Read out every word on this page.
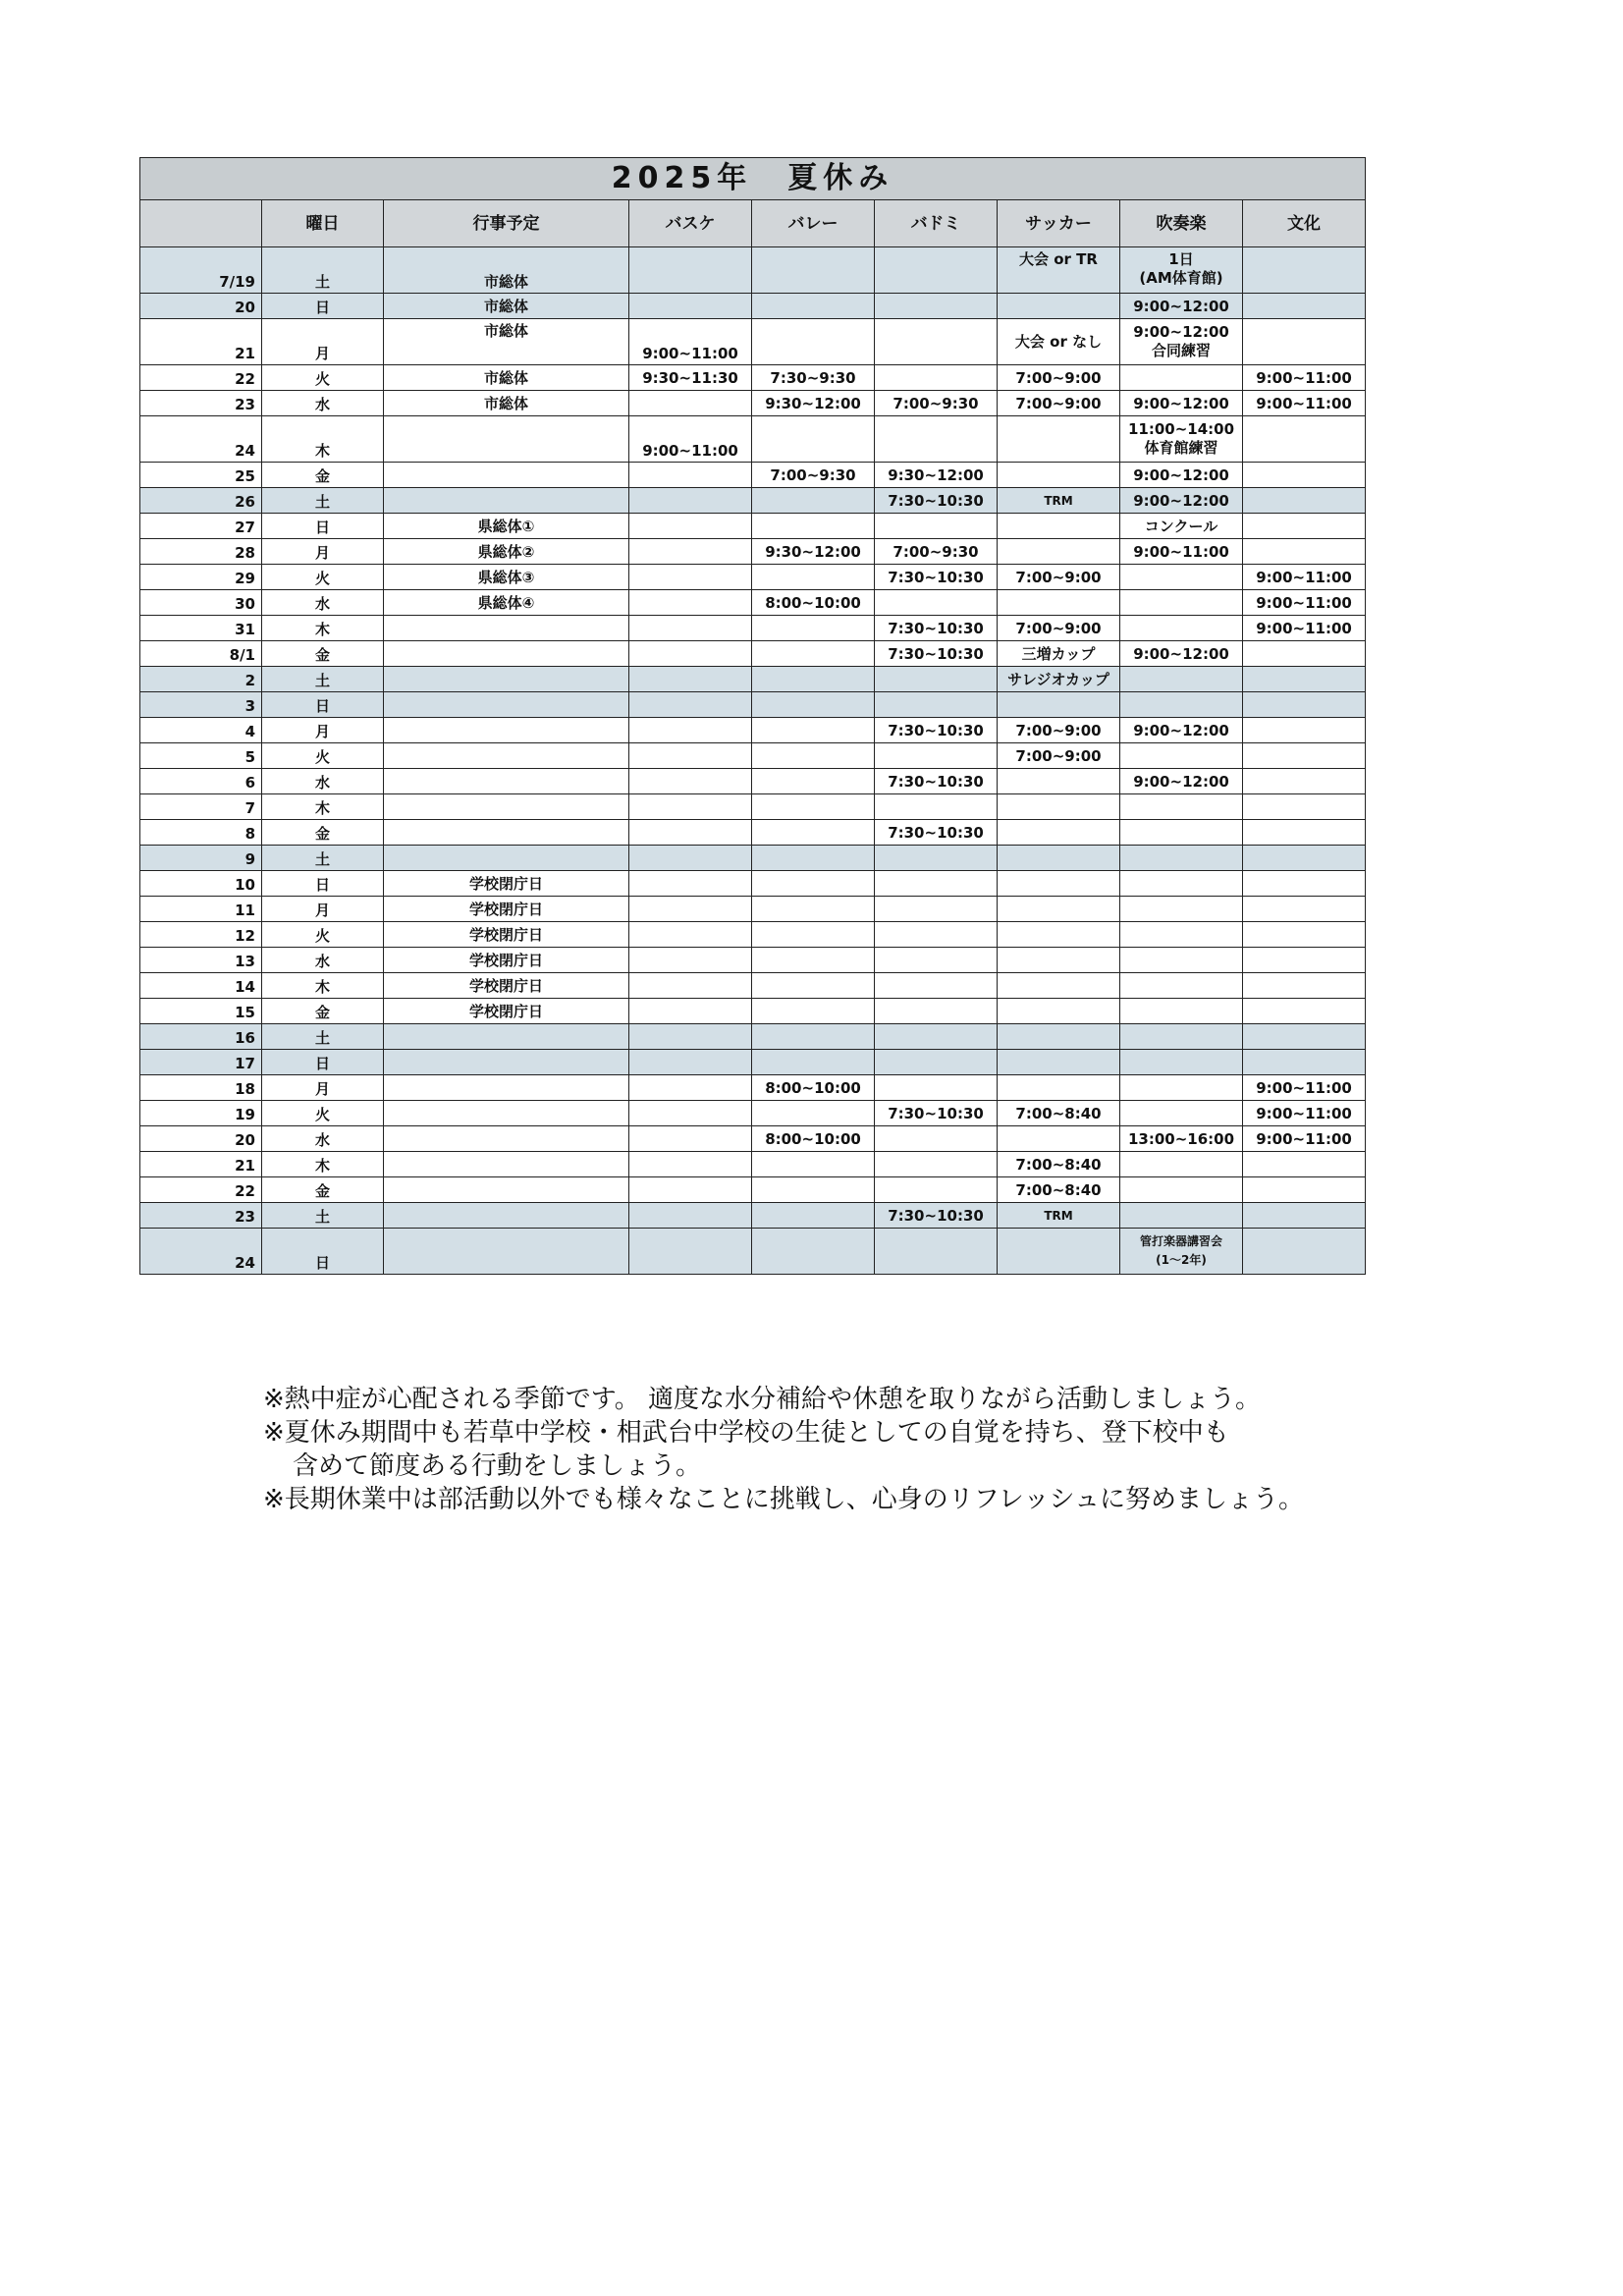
2025年　夏休み								
	曜日	行事予定	バスケ	バレー	バドミ	サッカー	吹奏楽	文化
7/19	土	市総体				大会 or TR	1日
(AM体育館)	

20	日	市総体					9:00~12:00	
21	月	市総体	9:00~11:00			大会 or なし	9:00~12:00
合同練習	

22	火	市総体	9:30~11:30	7:30~9:30		7:00~9:00		9:00~11:00
23	水	市総体		9:30~12:00	7:00~9:30	7:00~9:00	9:00~12:00	9:00~11:00
24	木		9:00~11:00				11:00~14:00
体育館練習	

25	金			7:00~9:30	9:30~12:00		9:00~12:00	
26	土				7:30~10:30	TRM	9:00~12:00	
27	日	県総体①					コンクール	
28	月	県総体②		9:30~12:00	7:00~9:30		9:00~11:00	
29	火	県総体③			7:30~10:30	7:00~9:00		9:00~11:00
30	水	県総体④		8:00~10:00				9:00~11:00
31	木				7:30~10:30	7:00~9:00		9:00~11:00
8/1	金				7:30~10:30	三増カップ	9:00~12:00	
2	土					サレジオカップ		
3	日							
4	月				7:30~10:30	7:00~9:00	9:00~12:00	
5	火					7:00~9:00		
6	水				7:30~10:30		9:00~12:00	
7	木							
8	金				7:30~10:30			
9	土							
10	日	学校閉庁日						
11	月	学校閉庁日						
12	火	学校閉庁日						
13	水	学校閉庁日						
14	木	学校閉庁日						
15	金	学校閉庁日						
16	土							
17	日							
18	月			8:00~10:00				9:00~11:00
19	火				7:30~10:30	7:00~8:40		9:00~11:00
20	水			8:00~10:00			13:00~16:00	9:00~11:00
21	木					7:00~8:40		
22	金					7:00~8:40		
23	土				7:30~10:30	TRM		
24	日						管打楽器講習会
(1～2年)	

※熱中症が心配される季節です。 適度な水分補給や休憩を取りながら活動しましょう。

※夏休み期間中も若草中学校・相武台中学校の生徒としての自覚を持ち、登下校中も

含めて節度ある行動をしましょう。

※長期休業中は部活動以外でも様々なことに挑戦し、心身のリフレッシュに努めましょう。
